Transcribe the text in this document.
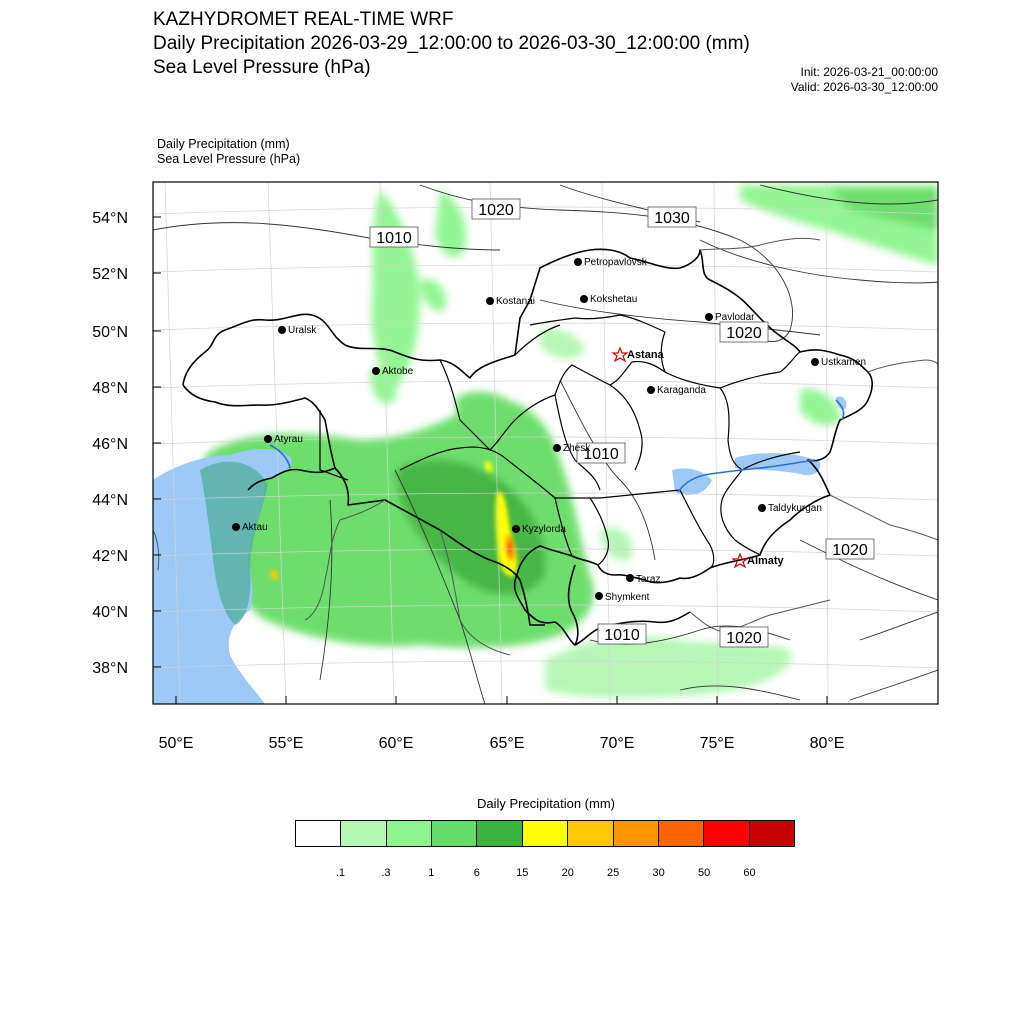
KAZHYDROMET REAL-TIME WRF
Daily Precipitation 2026-03-29_12:00:00 to 2026-03-30_12:00:00 (mm)
Sea Level Pressure (hPa)	Init: 2026-03-21_00:00:00
Valid: 2026-03-30_12:00:00
Daily Precipitation (mm)
Sea Level Pressure (hPa)
54°N
52°N
50°N
48°N
46°N
44°N
42°N
40°N
38°N
50°E	55°E	60°E	65°E	70°E	75°E	80°E
1020	1030
1010
1020
1010
1020
1010	1020
Petropavlovsk
Kostanai	Kokshetau
Pavlodar
Uralsk
Astana
Aktobe
Ustkamen
Karaganda
Atyrau
Zhesk
Kyzylorda
Taldykurgan
Aktau
Almaty
Taraz
Shymkent
Daily Precipitation (mm)
.1	.3	1	6	15	20	25	30	50	60
